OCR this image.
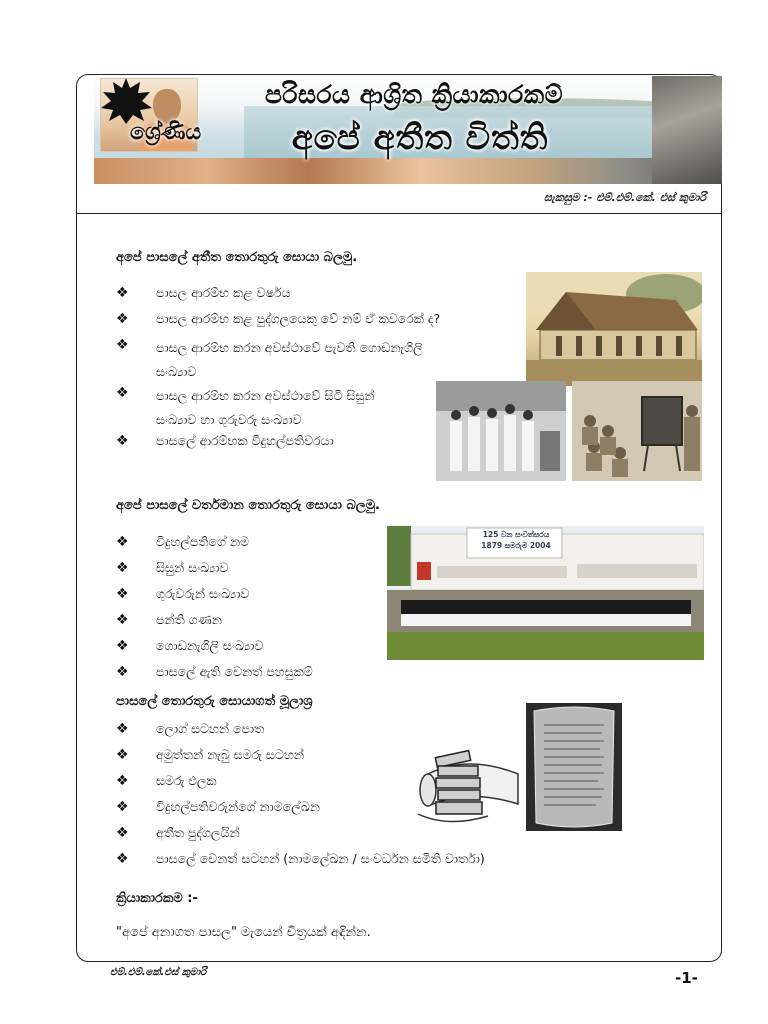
පරිසරය ආශ්‍රිත ක්‍රියාකාරකම්
ශ්‍රේණිය	අපේ අතීත විත්ති
සැකසුම :- එම්.එම්.කේ. එස් කුමාරි
අපේ පාසලේ අතීත තොරතුරු සොයා බලමු.
❖ පාසල ආරම්භ කළ වර්ෂය
❖ පාසල ආරම්භ කළ පුද්ගලයෙකු වේ නම් ඒ කවරෙක් ද?
❖ පාසල ආරම්භ කරන අවස්ථාවේ පැවති ගොඩනැගිලි සංඛ්‍යාව
❖ පාසල ආරම්භ කරන අවස්ථාවේ සිටි සිසුන් සංඛ්‍යාව හා ගුරුවරු සංඛ්‍යාව
❖ පාසලේ ආරම්භක විදුහල්පතිවරයා
අපේ පාසලේ වර්තමාන තොරතුරු සොයා බලමු.
❖ විදුහල්පතිගේ නම
❖ සිසුන් සංඛ්‍යාව
❖ ගුරුවරුන් සංඛ්‍යාව
❖ පන්ති ගණන
❖ ගොඩනැගිලි සංඛ්‍යාව
❖ පාසලේ ඇති වෙනත් පහසුකම්
125 වන සංවත්සරය
1879 සමරුම 2004
පාසලේ තොරතුරු සොයාගත් මූලාශ්‍ර
❖ ලොග් සටහන් පොත
❖ අමුත්තන් නැබු සමරු සටහන්
❖ සමරු ඵලක
❖ විදුහල්පතිවරුන්ගේ නාමලේඛන
❖ අතීත පුද්ගලයින්
❖ පාසලේ වෙනත් සටහන් (නාමලේඛන / සංවර්ධන සමිති වාර්තා)
ක්‍රියාකාරකම :-
"අපේ අනාගත පාසල" මැයෙන් චිත්‍රයක් අඳින්න.
එම්.එම්.කේ.එස් කුමාරි	-1-
